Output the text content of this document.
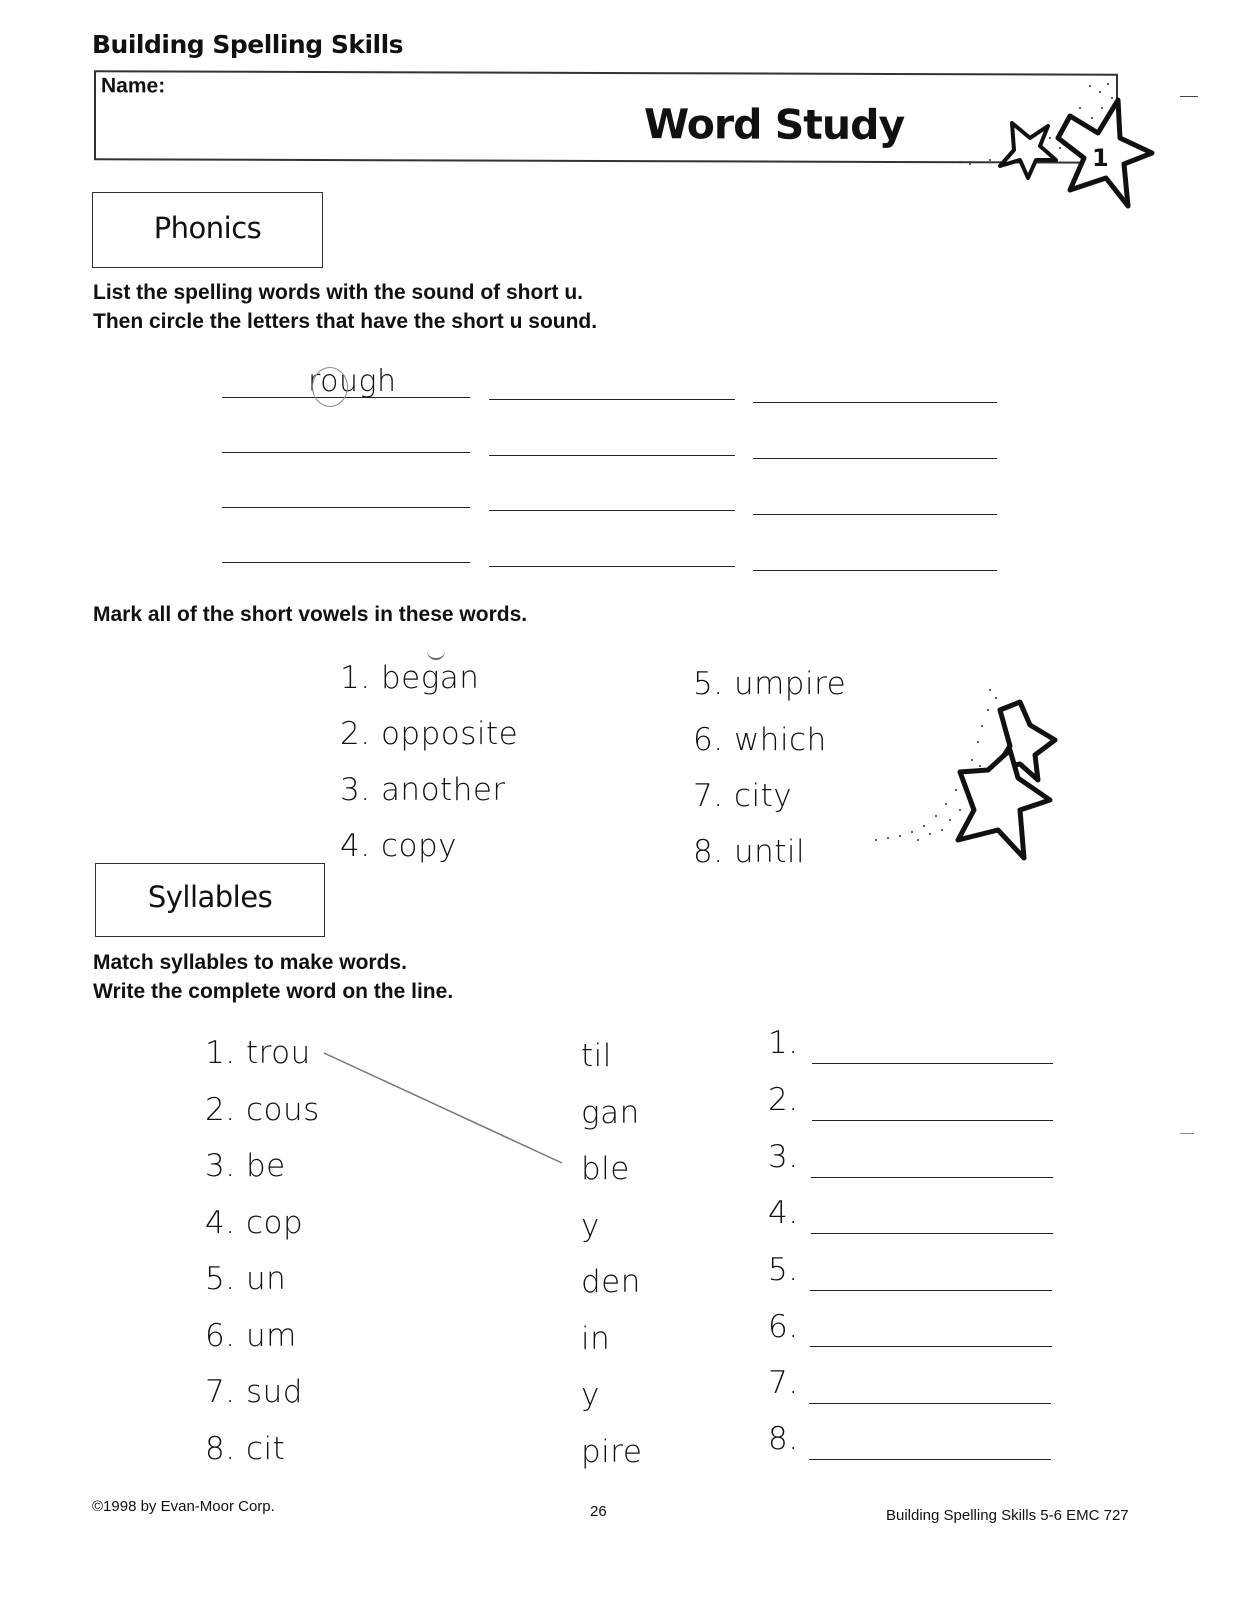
Building Spelling Skills
Name:
Word Study
1
Phonics
List the spelling words with the sound of short u.
Then circle the letters that have the short u sound.
rough
Mark all of the short vowels in these words.
1. began
2. opposite
3. another
4. copy
5. umpire
6. which
7. city
8. until
Syllables
Match syllables to make words.
Write the complete word on the line.
1. trou
2. cous
3. be
4. cop
5. un
6. um
7. sud
8. cit
til
gan
ble
y
den
in
y
pire
1.
2.
3.
4.
5.
6.
7.
8.
©1998 by Evan-Moor Corp.	26	Building Spelling Skills 5-6 EMC 727
